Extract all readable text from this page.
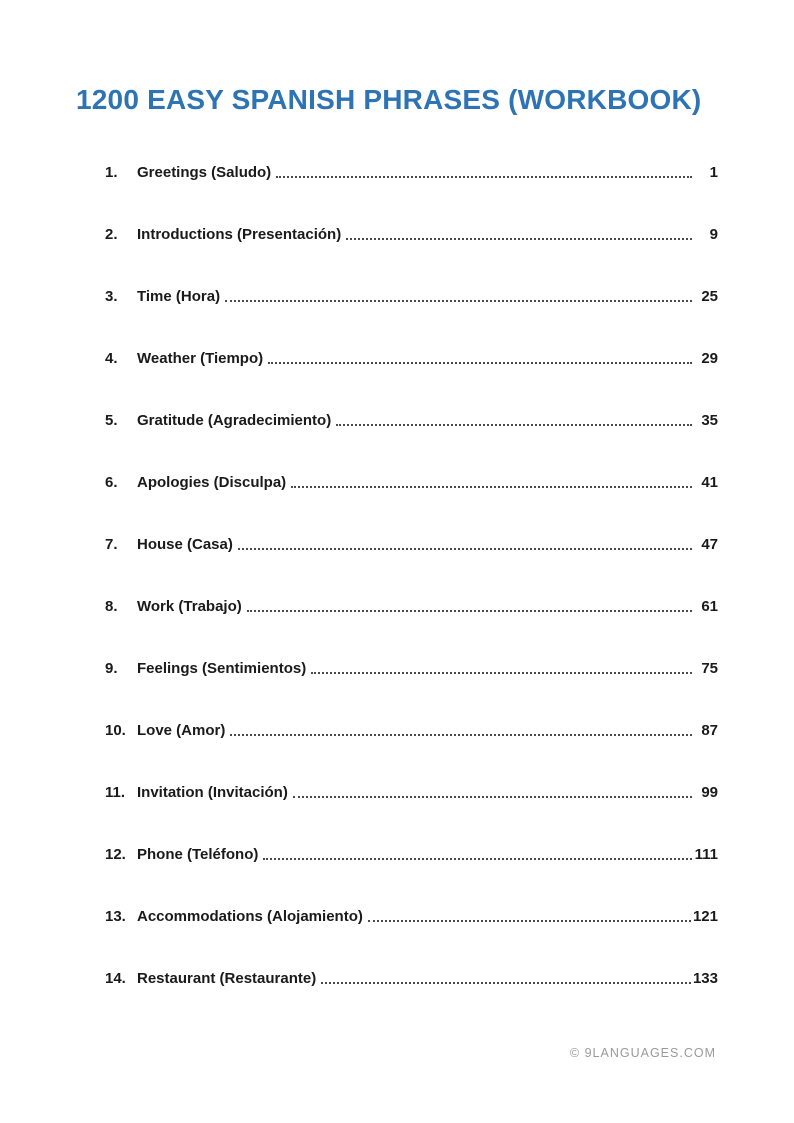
1200 EASY SPANISH PHRASES (WORKBOOK)
1.	Greetings (Saludo)	1
2.	Introductions (Presentación)	9
3.	Time (Hora)	25
4.	Weather (Tiempo)	29
5.	Gratitude (Agradecimiento)	35
6.	Apologies (Disculpa)	41
7.	House (Casa)	47
8.	Work (Trabajo)	61
9.	Feelings (Sentimientos)	75
10. Love (Amor)	87
11. Invitation (Invitación)	99
12. Phone (Teléfono)	111
13. Accommodations (Alojamiento)	121
14. Restaurant (Restaurante)	133
© 9LANGUAGES.COM
